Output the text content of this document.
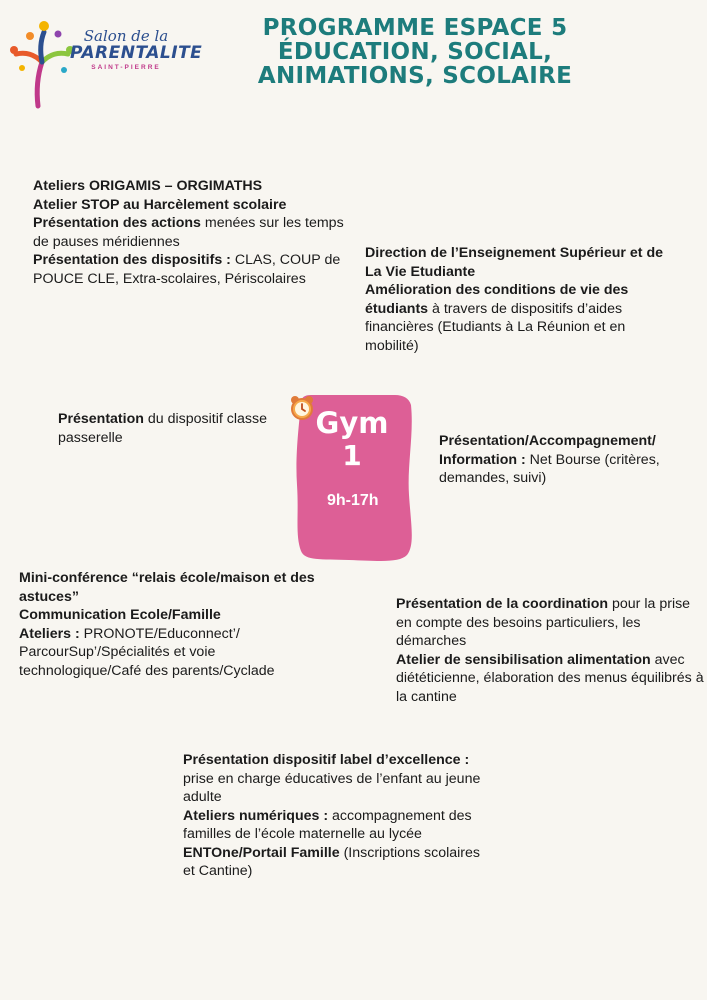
Salon de la
PARENTALITE
SAINT-PIERRE
PROGRAMME ESPACE 5
ÉDUCATION, SOCIAL,
ANIMATIONS, SCOLAIRE

Ateliers ORIGAMIS – ORGIMATHS

Atelier STOP au Harcèlement scolaire

Présentation des actions menées sur les temps de pauses méridiennes

Présentation des dispositifs : CLAS, COUP de POUCE CLE, Extra-scolaires, Périscolaires

Direction de l’Enseignement Supérieur et de La Vie Etudiante

Amélioration des conditions de vie des étudiants à travers de dispositifs d’aides financières (Etudiants à La Réunion et en mobilité)

Présentation du dispositif classe passerelle	Gym
1
9h-17h

Présentation/Accompagnement/ Information : Net Bourse (critères, demandes, suivi)

Mini-conférence “relais école/maison et des astuces”

Communication Ecole/Famille

Ateliers : PRONOTE/Educonnect’/ ParcourSup’/Spécialités et voie technologique/Café des parents/Cyclade

Présentation de la coordination pour la prise en compte des besoins particuliers, les démarches

Atelier de sensibilisation alimentation avec diététicienne, élaboration des menus équilibrés à la cantine

Présentation dispositif label d’excellence : prise en charge éducatives de l’enfant au jeune adulte

Ateliers numériques : accompagnement des familles de l’école maternelle au lycée

ENTOne/Portail Famille (Inscriptions scolaires et Cantine)
